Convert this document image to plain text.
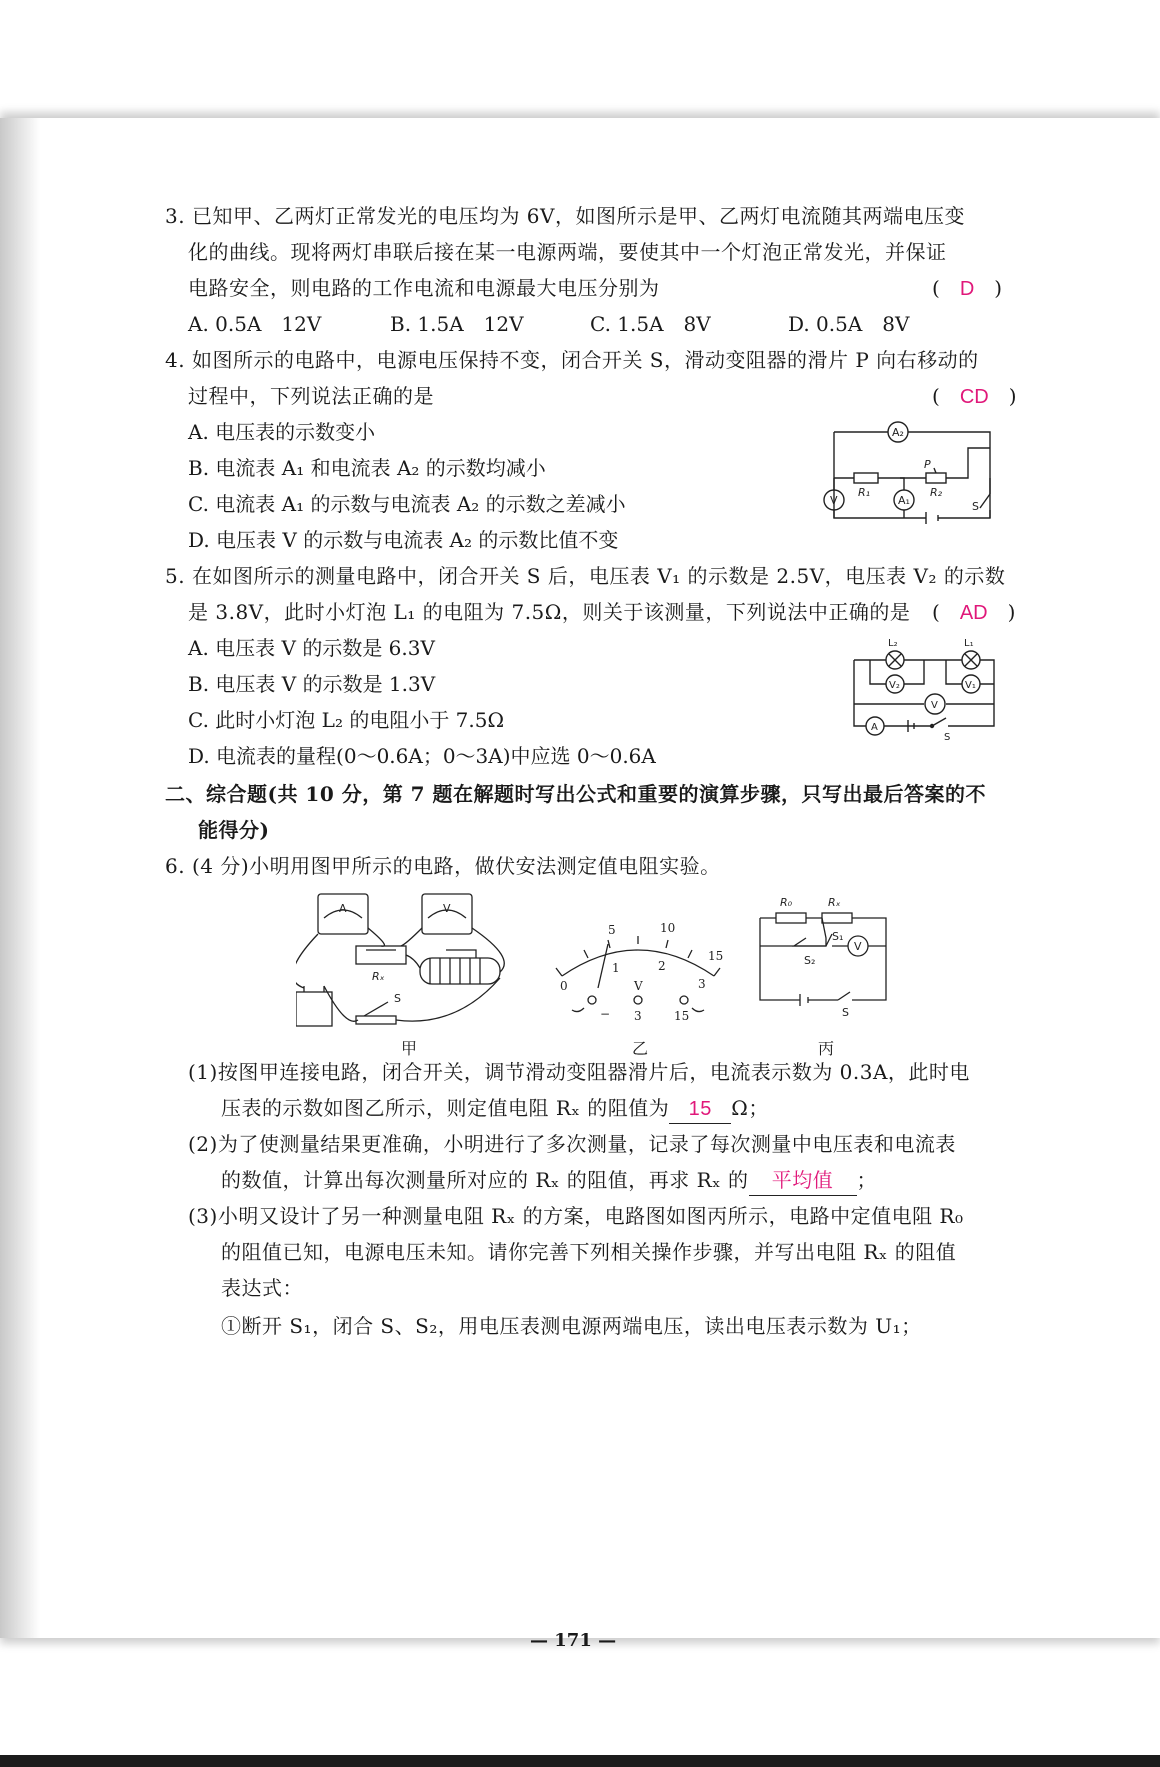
3. 已知甲、乙两灯正常发光的电压均为 6V，如图所示是甲、乙两灯电流随其两端电压变
化的曲线。现将两灯串联后接在某一电源两端，要使其中一个灯泡正常发光，并保证
电路安全，则电路的工作电流和电源最大电压分别为	(　D　)
A. 0.5A　12V	B. 1.5A　12V	C. 1.5A　8V	D. 0.5A　8V
4. 如图所示的电路中，电源电压保持不变，闭合开关 S，滑动变阻器的滑片 P 向右移动的
过程中，下列说法正确的是	(　CD　)
A. 电压表的示数变小
B. 电流表 A₁ 和电流表 A₂ 的示数均减小
C. 电流表 A₁ 的示数与电流表 A₂ 的示数之差减小
D. 电压表 V 的示数与电流表 A₂ 的示数比值不变
A₂
V	A₁
R₁	R₂
P
S
5. 在如图所示的测量电路中，闭合开关 S 后，电压表 V₁ 的示数是 2.5V，电压表 V₂ 的示数
是 3.8V，此时小灯泡 L₁ 的电阻为 7.5Ω，则关于该测量，下列说法中正确的是 (　AD　)
A. 电压表 V 的示数是 6.3V
B. 电压表 V 的示数是 1.3V
C. 此时小灯泡 L₂ 的电阻小于 7.5Ω
D. 电流表的量程(0～0.6A；0～3A)中应选 0～0.6A
L₂	L₁
V₂	V₁
V
A
S
二、综合题(共 10 分，第 7 题在解题时写出公式和重要的演算步骤，只写出最后答案的不
能得分)
6. (4 分)小明用图甲所示的电路，做伏安法测定值电阻实验。
A	V
Rₓ
S
甲
0
5	10
15
1	2
3
V
− 3	15
乙
R₀	Rₓ
S₁
S₂
V
S
丙
(1)按图甲连接电路，闭合开关，调节滑动变阻器滑片后，电流表示数为 0.3A，此时电
压表的示数如图乙所示，则定值电阻 Rₓ 的阻值为 15 Ω；
(2)为了使测量结果更准确，小明进行了多次测量，记录了每次测量中电压表和电流表
的数值，计算出每次测量所对应的 Rₓ 的阻值，再求 Rₓ 的 平均值 ；
(3)小明又设计了另一种测量电阻 Rₓ 的方案，电路图如图丙所示，电路中定值电阻 R₀
的阻值已知，电源电压未知。请你完善下列相关操作步骤，并写出电阻 Rₓ 的阻值
表达式：
①断开 S₁，闭合 S、S₂，用电压表测电源两端电压，读出电压表示数为 U₁；
— 171 —
